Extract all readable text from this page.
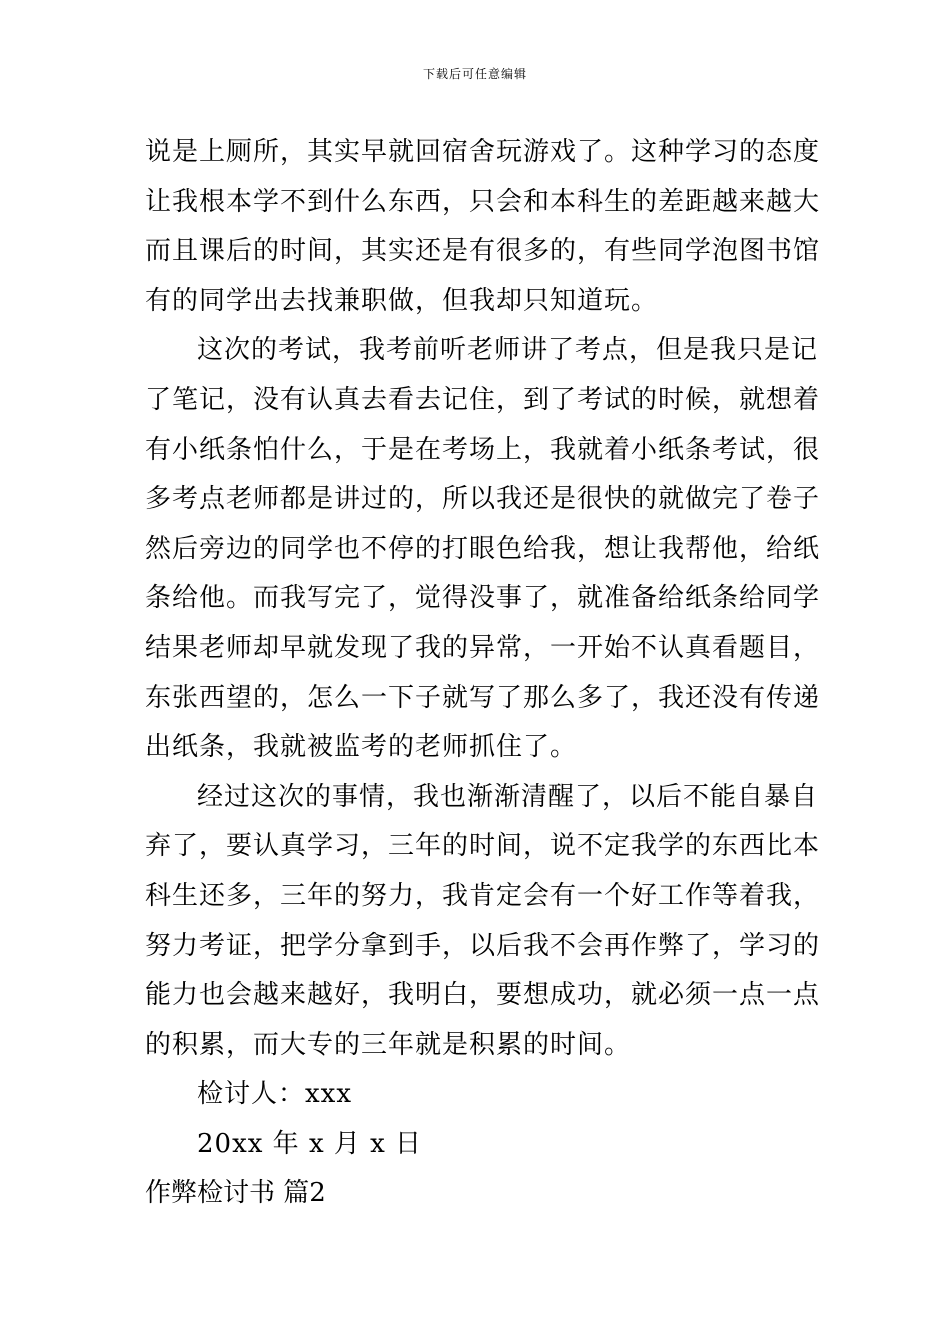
下载后可任意编辑
说是上厕所，其实早就回宿舍玩游戏了。这种学习的态度
让我根本学不到什么东西，只会和本科生的差距越来越大
而且课后的时间，其实还是有很多的，有些同学泡图书馆
有的同学出去找兼职做，但我却只知道玩。
这次的考试，我考前听老师讲了考点，但是我只是记
了笔记，没有认真去看去记住，到了考试的时候，就想着
有小纸条怕什么，于是在考场上，我就着小纸条考试，很
多考点老师都是讲过的，所以我还是很快的就做完了卷子
然后旁边的同学也不停的打眼色给我，想让我帮他，给纸
条给他。而我写完了，觉得没事了，就准备给纸条给同学
结果老师却早就发现了我的异常，一开始不认真看题目，
东张西望的，怎么一下子就写了那么多了，我还没有传递
出纸条，我就被监考的老师抓住了。
经过这次的事情，我也渐渐清醒了，以后不能自暴自
弃了，要认真学习，三年的时间，说不定我学的东西比本
科生还多，三年的努力，我肯定会有一个好工作等着我，
努力考证，把学分拿到手，以后我不会再作弊了，学习的
能力也会越来越好，我明白，要想成功，就必须一点一点
的积累，而大专的三年就是积累的时间。
检讨人：xxx
20xx 年 x 月 x 日
作弊检讨书 篇2
